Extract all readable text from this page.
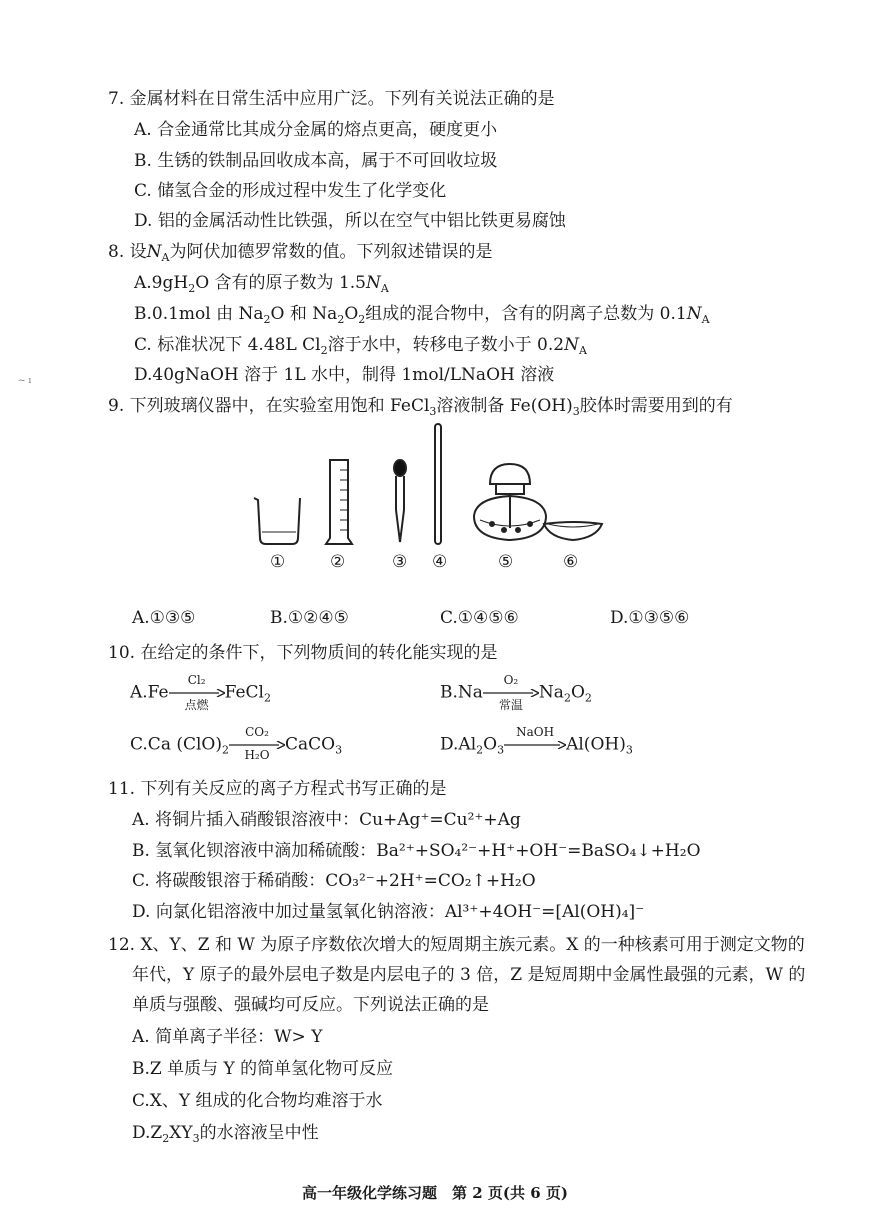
7. 金属材料在日常生活中应用广泛。下列有关说法正确的是
A. 合金通常比其成分金属的熔点更高，硬度更小
B. 生锈的铁制品回收成本高，属于不可回收垃圾
C. 储氢合金的形成过程中发生了化学变化
D. 铝的金属活动性比铁强，所以在空气中铝比铁更易腐蚀
8. 设$N_A$为阿伏加德罗常数的值。下列叙述错误的是
$A.9gH_2O$ 含有的原子数为 $1.5N_A$
B.0.1mol 由 $Na_2O$ 和 $Na_2O_2$组成的混合物中，含有的阴离子总数为 $0.1N_A$
C. 标准状况下 4.48L $Cl_2$溶于水中，转移电子数小于 $0.2N_A$
D.40gNaOH 溶于 1L 水中，制得 1mol/LNaOH 溶液
~ ı
9. 下列玻璃仪器中，在实验室用饱和 FeCl$_3$溶液制备 $Fe(OH)_3$胶体时需要用到的有
①	②	③ ④	⑤	⑥
A.①③⑤	B.①②④⑤	C.①④⑤⑥	D.①③⑤⑥
10. 在给定的条件下，下列物质间的转化能实现的是
A.Fe
Cl₂
点燃
FeCl$_2$	B.Na
O₂
常温
$Na_2O_2$
C.Ca $(ClO)_2$
CO₂
H₂O
CaCO$_3$	$D.Al_2O_3$
NaOH
$Al(OH)_3$
11. 下列有关反应的离子方程式书写正确的是
A. 将铜片插入硝酸银溶液中：Cu+Ag⁺=Cu²⁺+Ag
B. 氢氧化钡溶液中滴加稀硫酸：Ba²⁺+SO₄²⁻+H⁺+OH⁻=BaSO₄↓+H₂O
C. 将碳酸银溶于稀硝酸：CO₃²⁻+2H⁺=CO₂↑+H₂O
D. 向氯化铝溶液中加过量氢氧化钠溶液：Al³⁺+4OH⁻=[Al(OH)₄]⁻
12. X、Y、Z 和 W 为原子序数依次增大的短周期主族元素。X 的一种核素可用于测定文物的
年代，Y 原子的最外层电子数是内层电子的 3 倍，Z 是短周期中金属性最强的元素，W 的
单质与强酸、强碱均可反应。下列说法正确的是
A. 简单离子半径：W> Y
B.Z 单质与 Y 的简单氢化物可反应
C.X、Y 组成的化合物均难溶于水
$D.Z_2XY_3$的水溶液呈中性
高一年级化学练习题　第 2 页(共 6 页)
